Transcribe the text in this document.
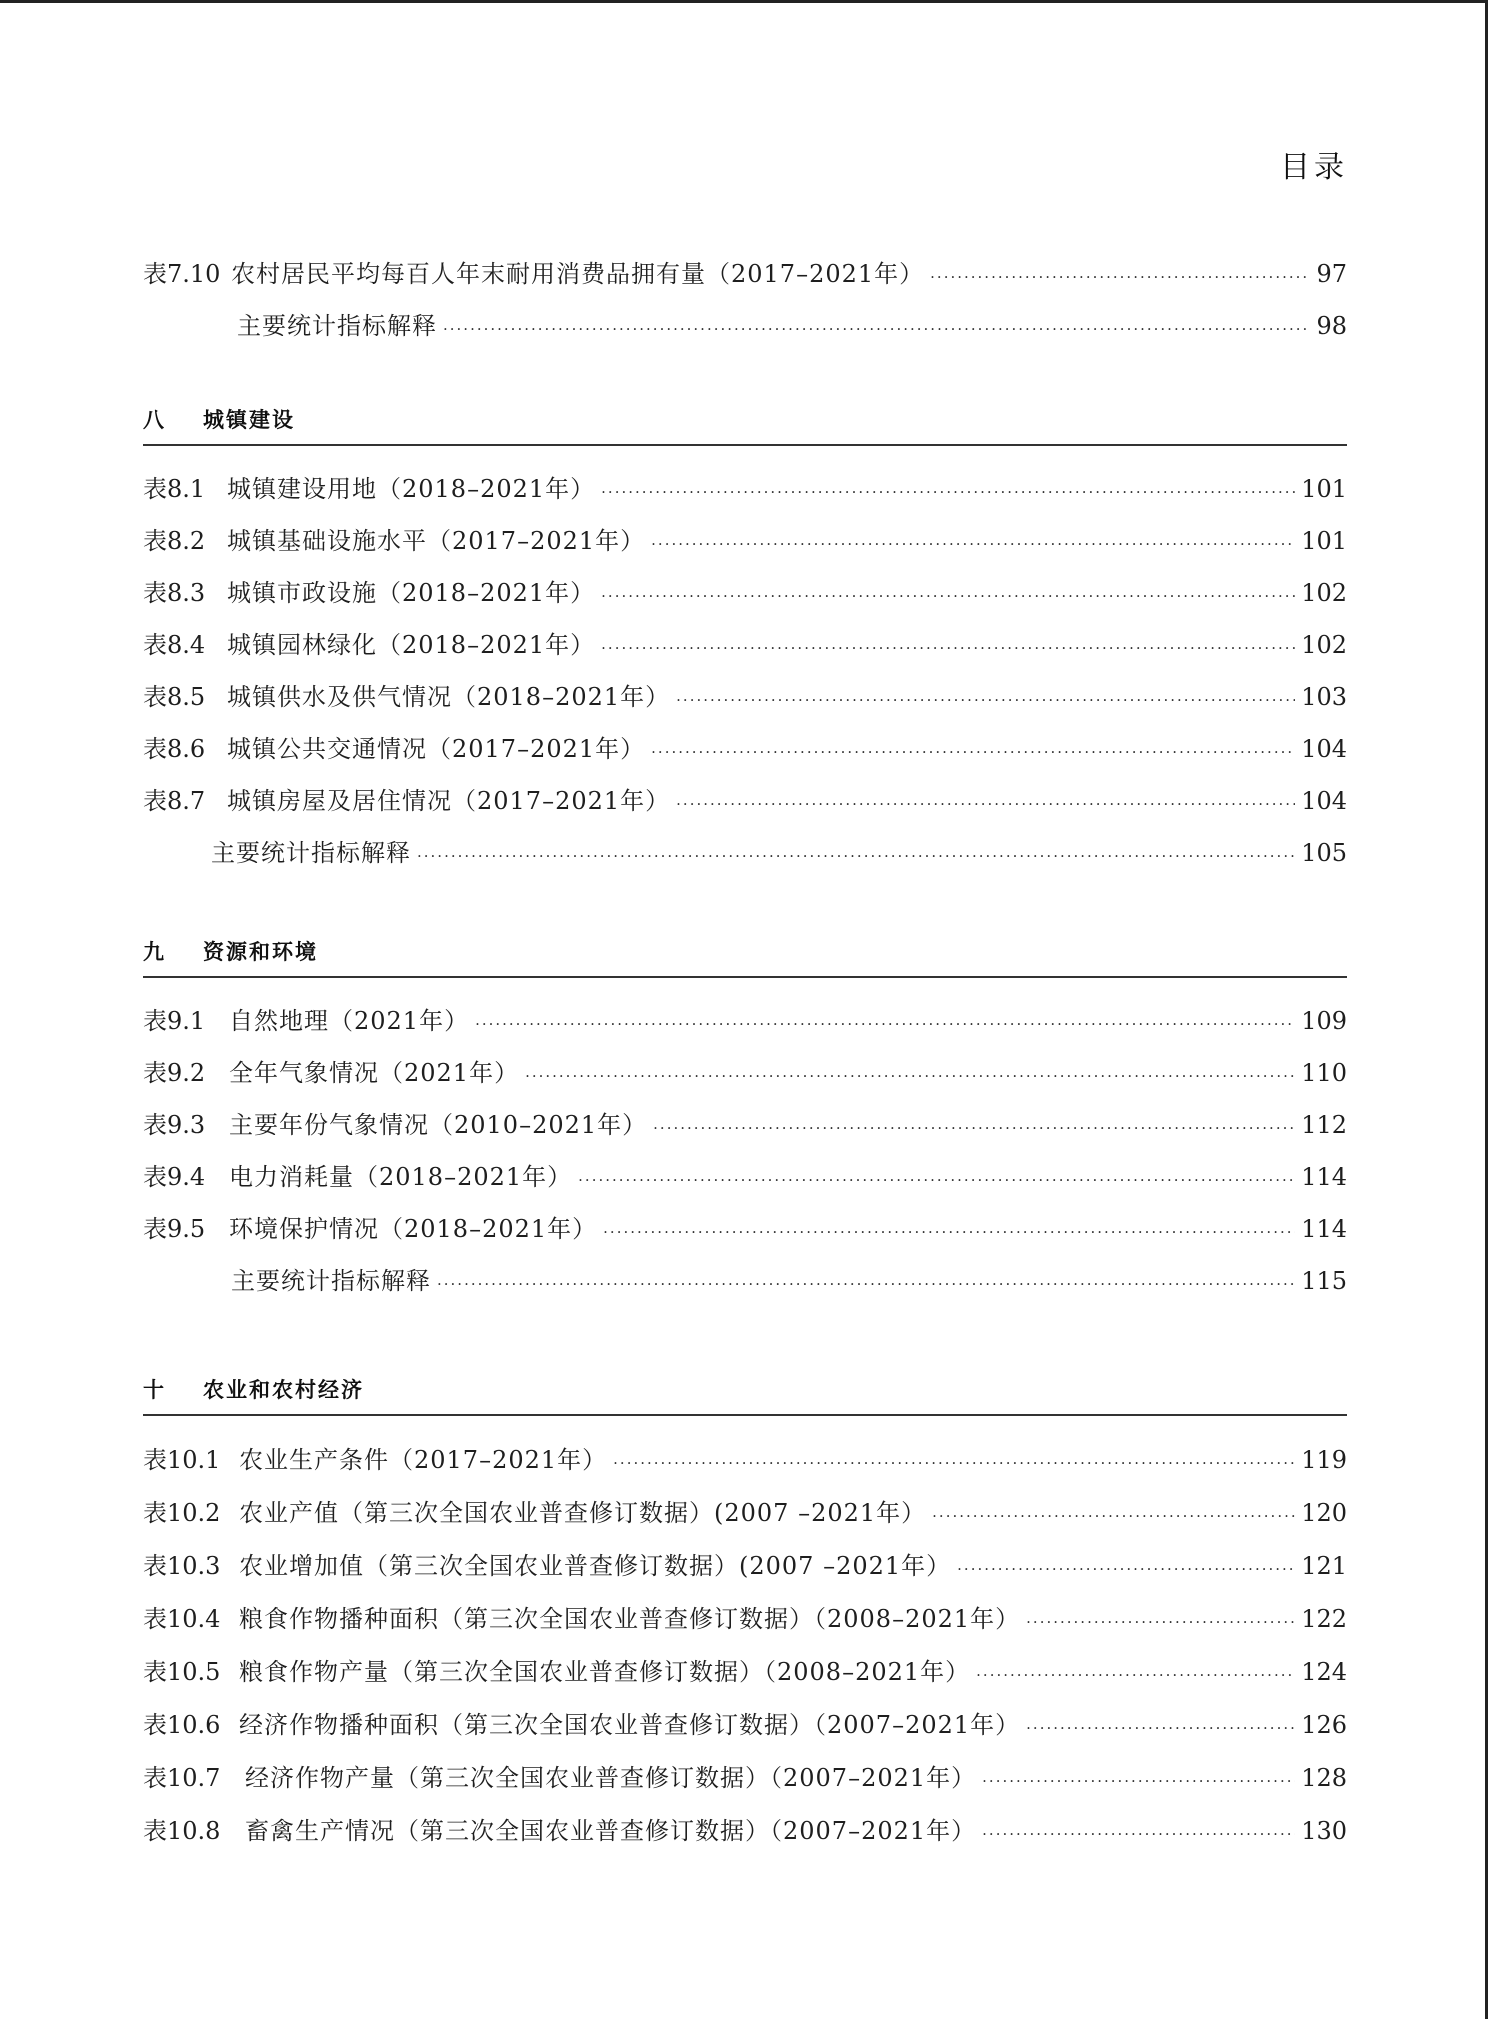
目录
表7.10 农村居民平均每百人年末耐用消费品拥有量（2017–2021年） ·····	97
主要统计指标解释 ·····	98
八 城镇建设
表8.1 城镇建设用地（2018–2021年） ·····	101
表8.2 城镇基础设施水平（2017–2021年） ·····	101
表8.3 城镇市政设施（2018–2021年） ·····	102
表8.4 城镇园林绿化（2018–2021年） ·····	102
表8.5 城镇供水及供气情况（2018–2021年） ·····	103
表8.6 城镇公共交通情况（2017–2021年） ·····	104
表8.7 城镇房屋及居住情况（2017–2021年） ·····	104
主要统计指标解释 ·····	105
九 资源和环境
表9.1 自然地理（2021年） ·····	109
表9.2 全年气象情况（2021年） ·····	110
表9.3 主要年份气象情况（2010–2021年） ·····	112
表9.4 电力消耗量（2018–2021年） ·····	114
表9.5 环境保护情况（2018–2021年） ·····	114
主要统计指标解释 ·····	115
十 农业和农村经济
表10.1 农业生产条件（2017–2021年） ·····	119
表10.2 农业产值（第三次全国农业普查修订数据）(2007 –2021年） ·····	120
表10.3 农业增加值（第三次全国农业普查修订数据）(2007 –2021年） ·····	121
表10.4 粮食作物播种面积（第三次全国农业普查修订数据）（2008–2021年） ·····	122
表10.5 粮食作物产量（第三次全国农业普查修订数据）（2008–2021年） ·····	124
表10.6 经济作物播种面积（第三次全国农业普查修订数据）（2007–2021年） ·····	126
表10.7	经济作物产量（第三次全国农业普查修订数据）（2007–2021年） ·····	128
表10.8	畜禽生产情况（第三次全国农业普查修订数据）（2007–2021年） ·····	130
